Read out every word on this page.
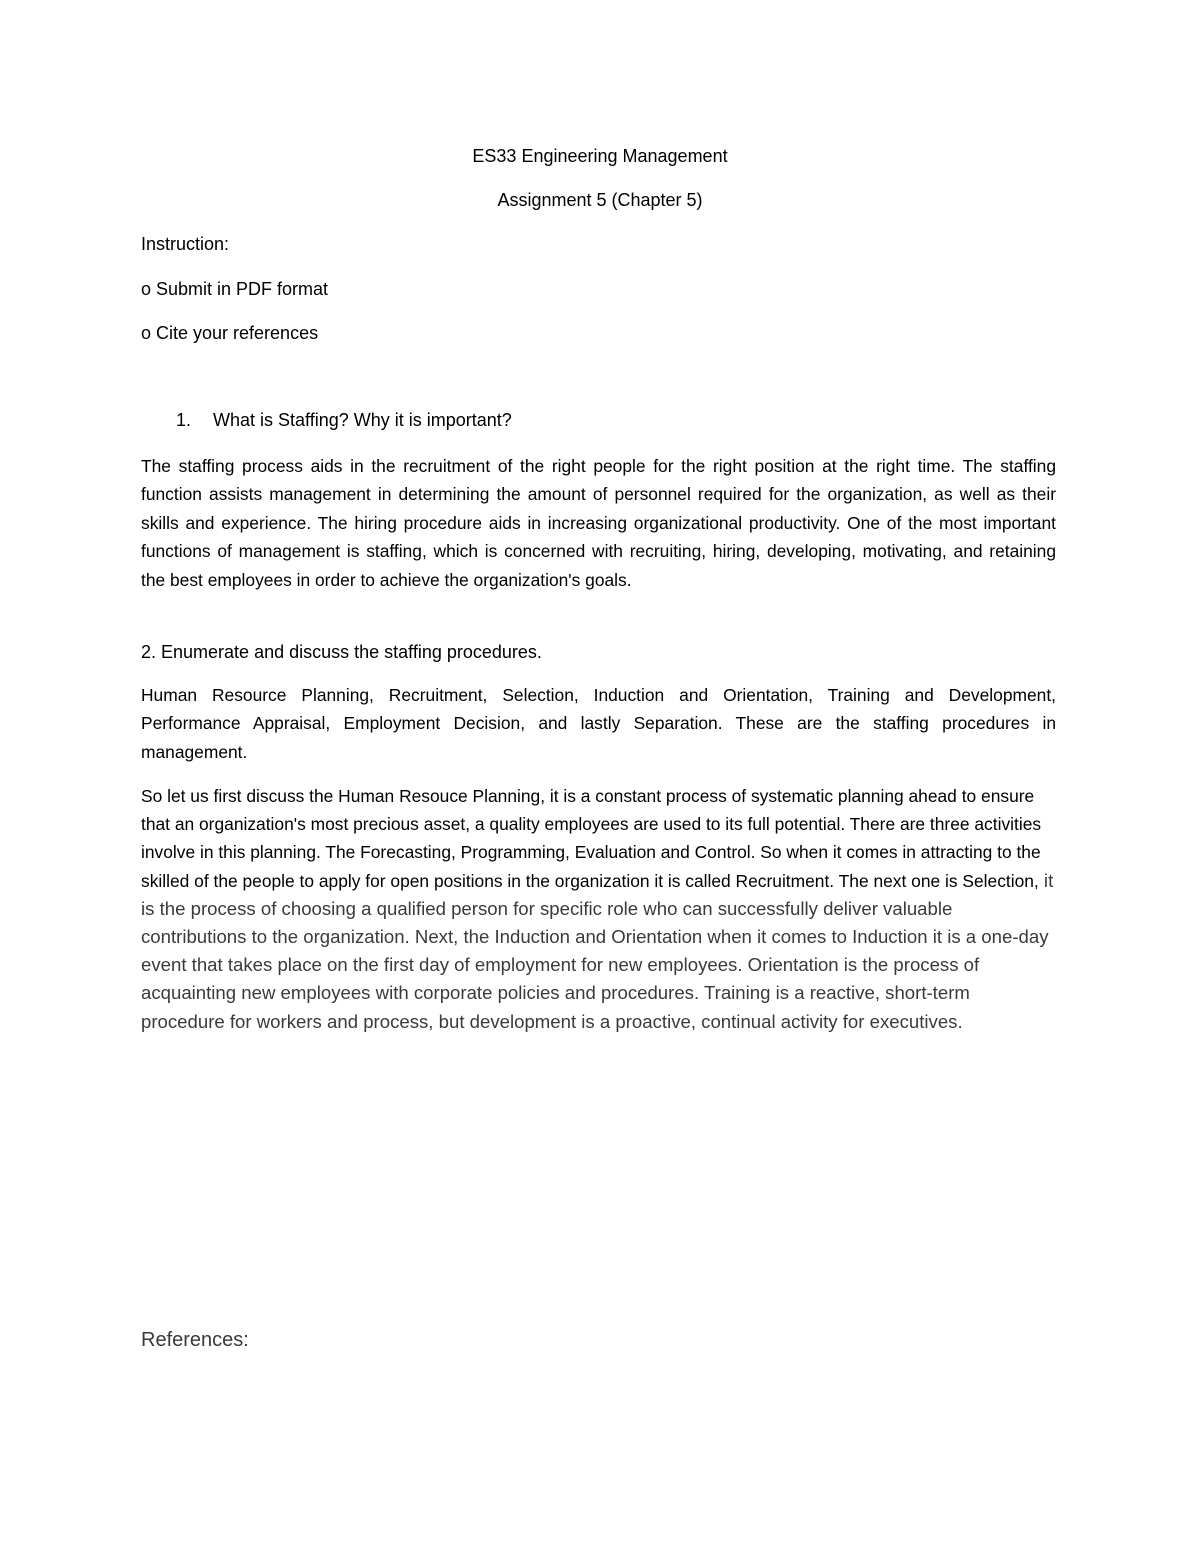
ES33 Engineering Management
Assignment 5 (Chapter 5)
Instruction:
o Submit in PDF format
o Cite your references
1. What is Staffing? Why it is important?

The staffing process aids in the recruitment of the right people for the right position at the right time. The staffing function assists management in determining the amount of personnel required for the organization, as well as their skills and experience. The hiring procedure aids in increasing organizational productivity. One of the most important functions of management is staffing, which is concerned with recruiting, hiring, developing, motivating, and retaining the best employees in order to achieve the organization's goals.

2. Enumerate and discuss the staffing procedures.

Human Resource Planning, Recruitment, Selection, Induction and Orientation, Training and Development, Performance Appraisal, Employment Decision, and lastly Separation. These are the staffing procedures in management.

So let us first discuss the Human Resouce Planning, it is a constant process of systematic planning ahead to ensure that an organization's most precious asset, a quality employees are used to its full potential. There are three activities involve in this planning. The Forecasting, Programming, Evaluation and Control. So when it comes in attracting to the skilled of the people to apply for open positions in the organization it is called Recruitment. The next one is Selection, it is the process of choosing a qualified person for specific role who can successfully deliver valuable contributions to the organization. Next, the Induction and Orientation when it comes to Induction it is a one-day event that takes place on the first day of employment for new employees. Orientation is the process of acquainting new employees with corporate policies and procedures. Training is a reactive, short-term procedure for workers and process, but development is a proactive, continual activity for executives.

References:
